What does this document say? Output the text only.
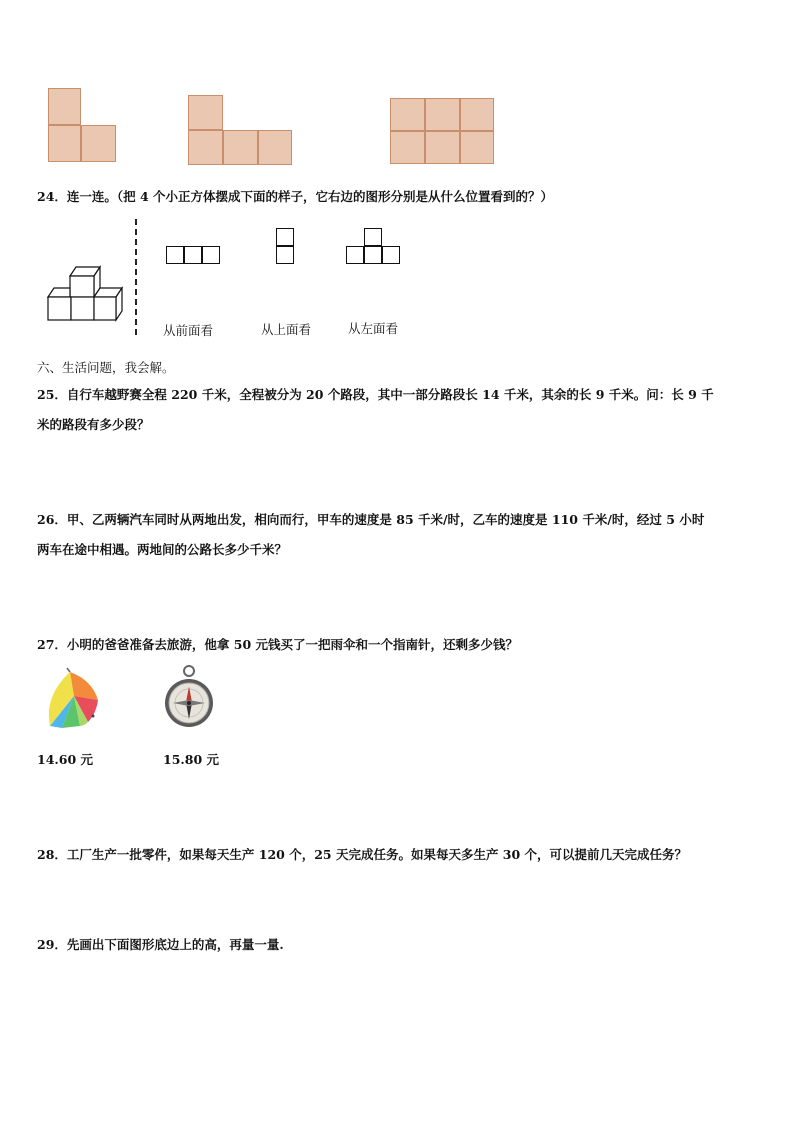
24．连一连。（把 4 个小正方体摆成下面的样子，它右边的图形分别是从什么位置看到的？）
从前面看	从上面看	从左面看
六、生活问题，我会解。
25．自行车越野赛全程 220 千米，全程被分为 20 个路段，其中一部分路段长 14 千米，其余的长 9 千米。问：长 9 千
米的路段有多少段？
26．甲、乙两辆汽车同时从两地出发，相向而行，甲车的速度是 85 千米/时，乙车的速度是 110 千米/时，经过 5 小时
两车在途中相遇。两地间的公路长多少千米？
27．小明的爸爸准备去旅游，他拿 50 元钱买了一把雨伞和一个指南针，还剩多少钱？
14.60 元	15.80 元
28．工厂生产一批零件，如果每天生产 120 个，25 天完成任务。如果每天多生产 30 个，可以提前几天完成任务？
29．先画出下面图形底边上的高，再量一量.
